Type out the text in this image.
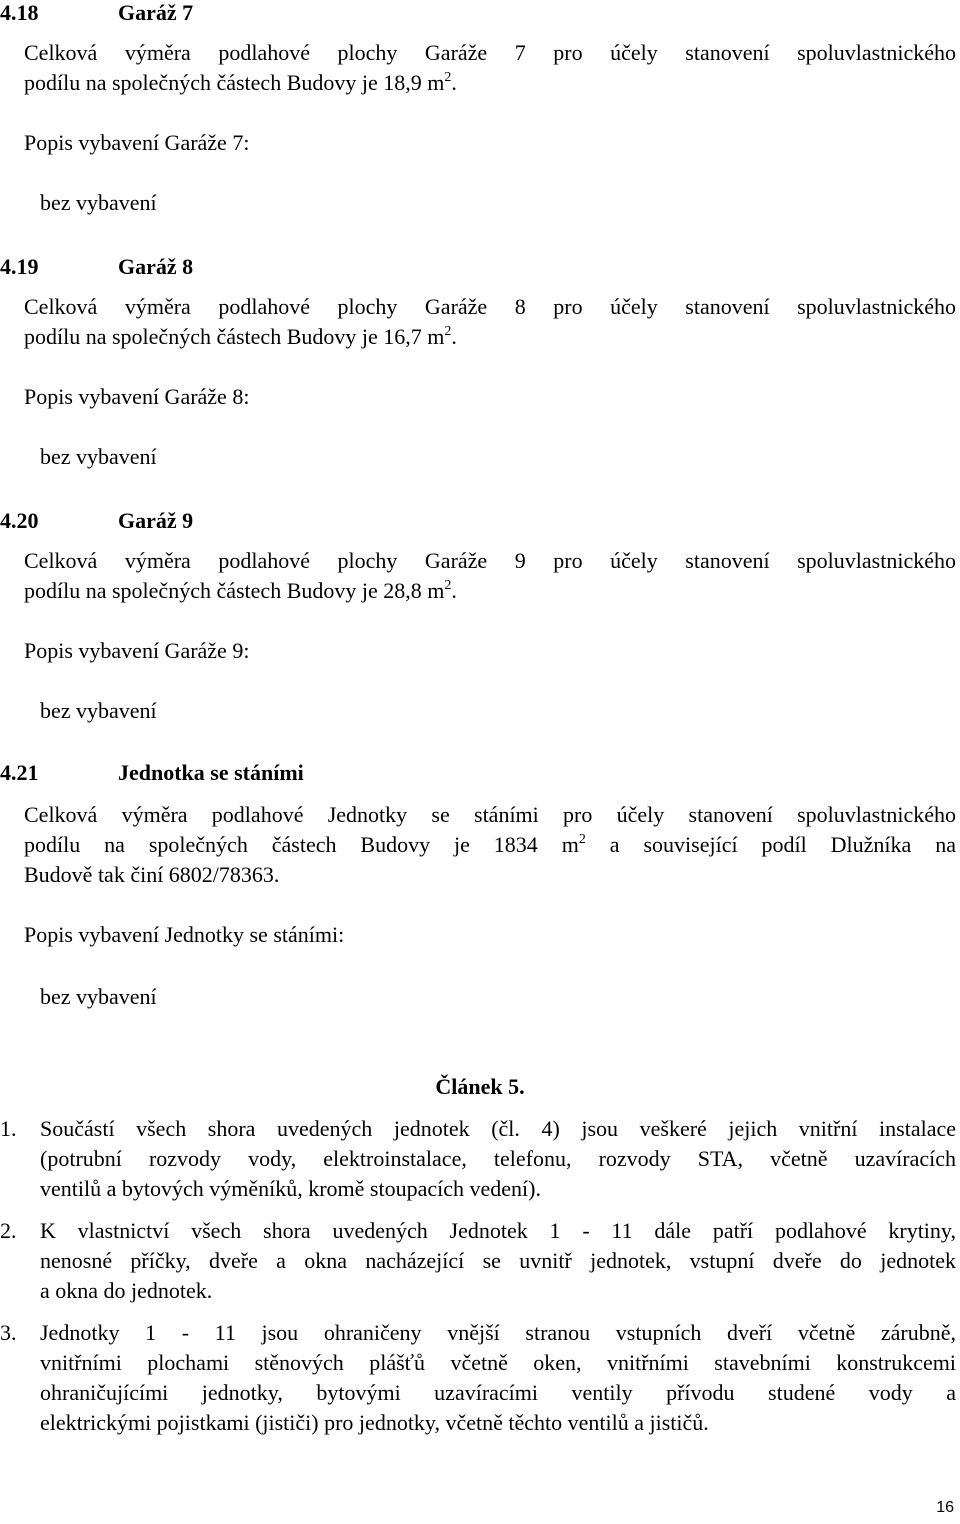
4.18	Garáž 7
Celková výměra podlahové plochy Garáže 7 pro účely stanovení spoluvlastnického
podílu na společných částech Budovy je 18,9 $m^2$.
Popis vybavení Garáže 7:
bez vybavení
4.19	Garáž 8
Celková výměra podlahové plochy Garáže 8 pro účely stanovení spoluvlastnického
podílu na společných částech Budovy je 16,7 $m^2$.
Popis vybavení Garáže 8:
bez vybavení
4.20	Garáž 9
Celková výměra podlahové plochy Garáže 9 pro účely stanovení spoluvlastnického
podílu na společných částech Budovy je 28,8 $m^2$.
Popis vybavení Garáže 9:
bez vybavení
4.21	Jednotka se stáními
Celková výměra podlahové Jednotky se stáními pro účely stanovení spoluvlastnického
podílu na společných částech Budovy je 1834 $m^2$ a související podíl Dlužníka na
Budově tak činí 6802/78363.
Popis vybavení Jednotky se stáními:
bez vybavení
Článek 5.
1. Součástí všech shora uvedených jednotek (čl. 4) jsou veškeré jejich vnitřní instalace
(potrubní rozvody vody, elektroinstalace, telefonu, rozvody STA, včetně uzavíracích
ventilů a bytových výměníků, kromě stoupacích vedení).
2. K vlastnictví všech shora uvedených Jednotek 1 - 11 dále patří podlahové krytiny,
nenosné příčky, dveře a okna nacházející se uvnitř jednotek, vstupní dveře do jednotek
a okna do jednotek.
3. Jednotky 1 - 11 jsou ohraničeny vnější stranou vstupních dveří včetně zárubně,
vnitřními plochami stěnových plášťů včetně oken, vnitřními stavebními konstrukcemi
ohraničujícími jednotky, bytovými uzavíracími ventily přívodu studené vody a
elektrickými pojistkami (jističi) pro jednotky, včetně těchto ventilů a jističů.
16
